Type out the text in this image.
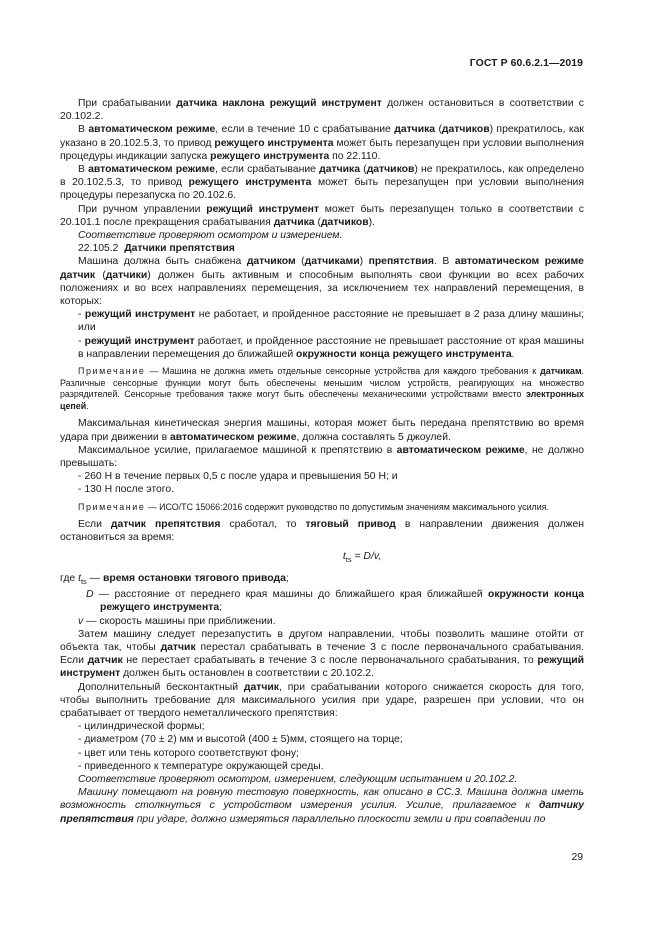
ГОСТ Р 60.6.2.1—2019

При срабатывании датчика наклона режущий инструмент должен остановиться в соответствии с 20.102.2.

В автоматическом режиме, если в течение 10 с срабатывание датчика (датчиков) прекратилось, как указано в 20.102.5.3, то привод режущего инструмента может быть перезапущен при условии выполнения процедуры индикации запуска режущего инструмента по 22.110.

В автоматическом режиме, если срабатывание датчика (датчиков) не прекратилось, как определено в 20.102.5.3, то привод режущего инструмента может быть перезапущен при условии выполнения процедуры перезапуска по 20.102.6.

При ручном управлении режущий инструмент может быть перезапущен только в соответствии с 20.101.1 после прекращения срабатывания датчика (датчиков).

Соответствие проверяют осмотром и измерением.

22.105.2 Датчики препятствия

Машина должна быть снабжена датчиком (датчиками) препятствия. В автоматическом режиме датчик (датчики) должен быть активным и способным выполнять свои функции во всех рабочих положениях и во всех направлениях перемещения, за исключением тех направлений перемещения, в которых:

- режущий инструмент не работает, и пройденное расстояние не превышает в 2 раза длину машины; или

- режущий инструмент работает, и пройденное расстояние не превышает расстояние от края машины в направлении перемещения до ближайшей окружности конца режущего инструмента.

Примечание — Машина не должна иметь отдельные сенсорные устройства для каждого требования к датчикам. Различные сенсорные функции могут быть обеспечены меньшим числом устройств, реагирующих на множество разрядителей. Сенсорные требования также могут быть обеспечены механическими устройствами вместо электронных цепей.

Максимальная кинетическая энергия машины, которая может быть передана препятствию во время удара при движении в автоматическом режиме, должна составлять 5 джоулей.

Максимальное усилие, прилагаемое машиной к препятствию в автоматическом режиме, не должно превышать:

- 260 Н в течение первых 0,5 с после удара и превышения 50 Н; и

- 130 Н после этого.

Примечание — ИСО/ТС 15066:2016 содержит руководство по допустимым значениям максимального усилия.

Если датчик препятствия сработал, то тяговый привод в направлении движения должен остановиться за время:

$t_{ts} = D/v$,

где $t_{ts}$ — время остановки тягового привода;

D — расстояние от переднего края машины до ближайшего края ближайшей окружности конца режущего инструмента;

v — скорость машины при приближении.

Затем машину следует перезапустить в другом направлении, чтобы позволить машине отойти от объекта так, чтобы датчик перестал срабатывать в течение 3 с после первоначального срабатывания. Если датчик не перестает срабатывать в течение 3 с после первоначального срабатывания, то режущий инструмент должен быть остановлен в соответствии с 20.102.2.

Дополнительный бесконтактный датчик, при срабатывании которого снижается скорость для того, чтобы выполнить требование для максимального усилия при ударе, разрешен при условии, что он срабатывает от твердого неметаллического препятствия:

- цилиндрической формы;

- диаметром (70 ± 2) мм и высотой (400 ± 5)мм, стоящего на торце;

- цвет или тень которого соответствуют фону;

- приведенного к температуре окружающей среды.

Соответствие проверяют осмотром, измерением, следующим испытанием и 20.102.2.

Машину помещают на ровную тестовую поверхность, как описано в СС.3. Машина должна иметь возможность столкнуться с устройством измерения усилия. Усилие, прилагаемое к датчику препятствия при ударе, должно измеряться параллельно плоскости земли и при совпадении по

29
